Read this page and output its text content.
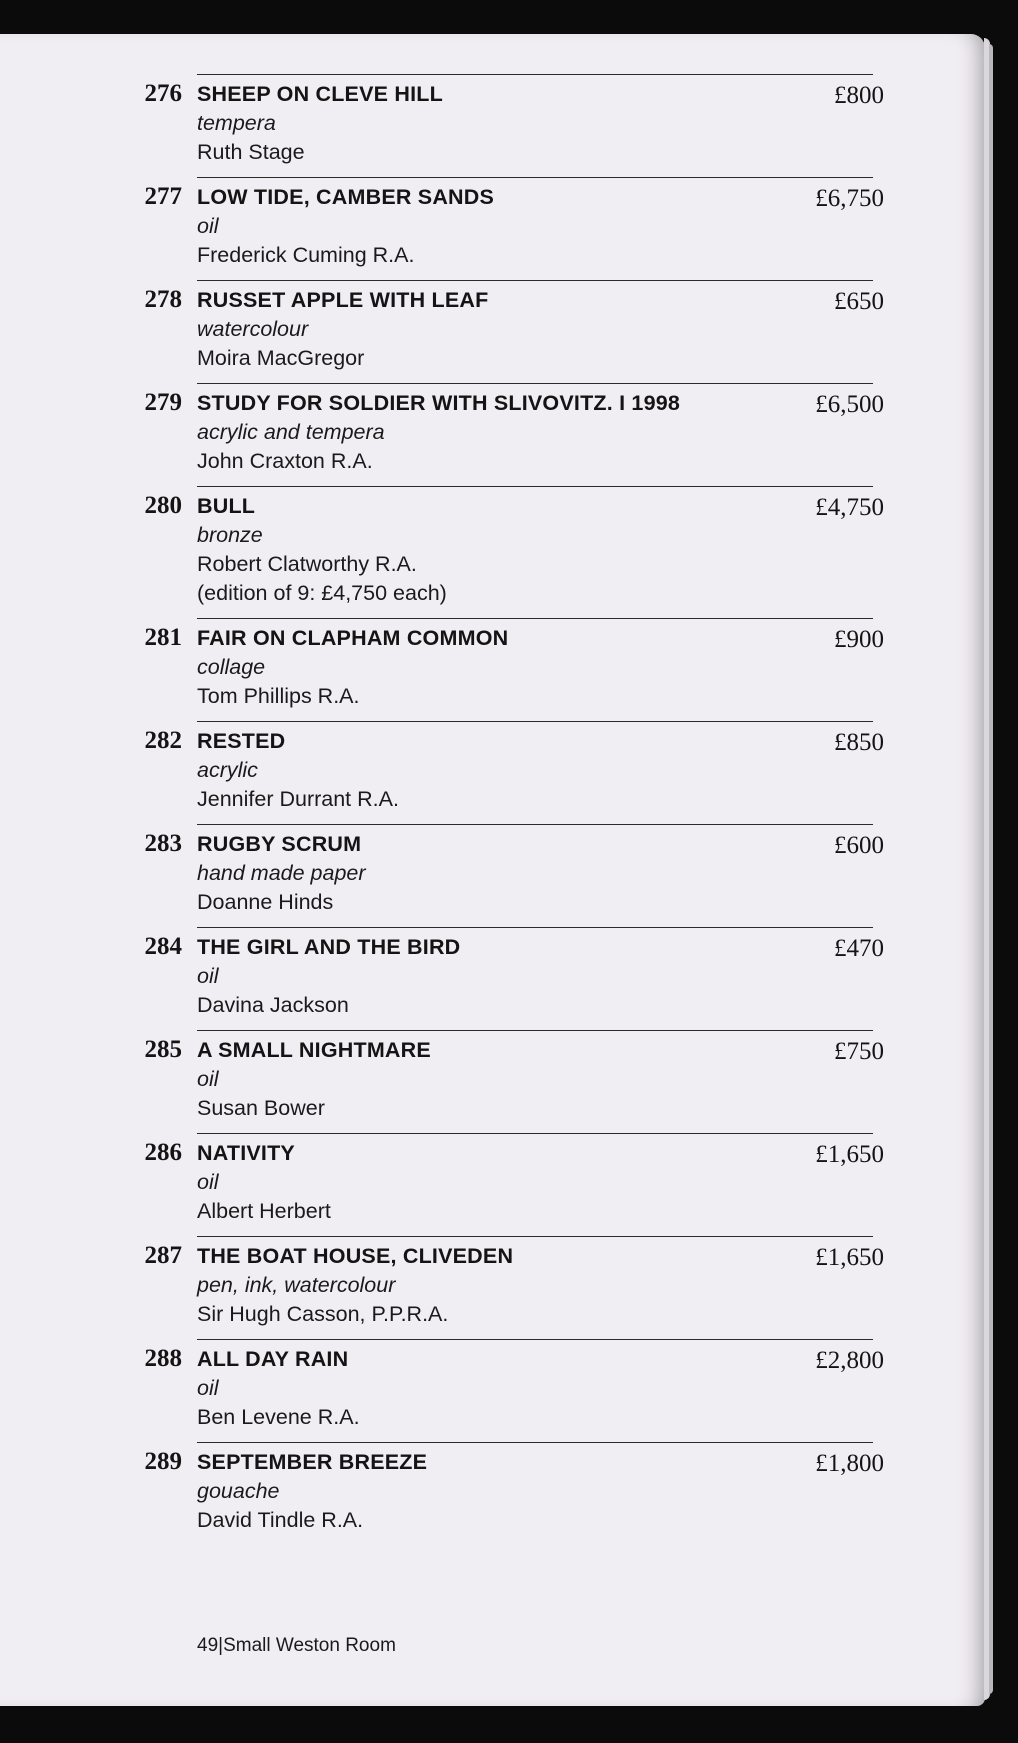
276 SHEEP ON CLEVE HILL
tempera
Ruth Stage
£800
277 LOW TIDE, CAMBER SANDS
oil
Frederick Cuming R.A.
£6,750
278 RUSSET APPLE WITH LEAF
watercolour
Moira MacGregor
£650
279 STUDY FOR SOLDIER WITH SLIVOVITZ. I 1998
acrylic and tempera
John Craxton R.A.
£6,500
280 BULL
bronze
Robert Clatworthy R.A.
(edition of 9: £4,750 each)
£4,750
281 FAIR ON CLAPHAM COMMON
collage
Tom Phillips R.A.
£900
282 RESTED
acrylic
Jennifer Durrant R.A.
£850
283 RUGBY SCRUM
hand made paper
Doanne Hinds
£600
284 THE GIRL AND THE BIRD
oil
Davina Jackson
£470
285 A SMALL NIGHTMARE
oil
Susan Bower
£750
286 NATIVITY
oil
Albert Herbert
£1,650
287 THE BOAT HOUSE, CLIVEDEN
pen, ink, watercolour
Sir Hugh Casson, P.P.R.A.
£1,650
288 ALL DAY RAIN
oil
Ben Levene R.A.
£2,800
289 SEPTEMBER BREEZE
gouache
David Tindle R.A.
£1,800
49|Small Weston Room
